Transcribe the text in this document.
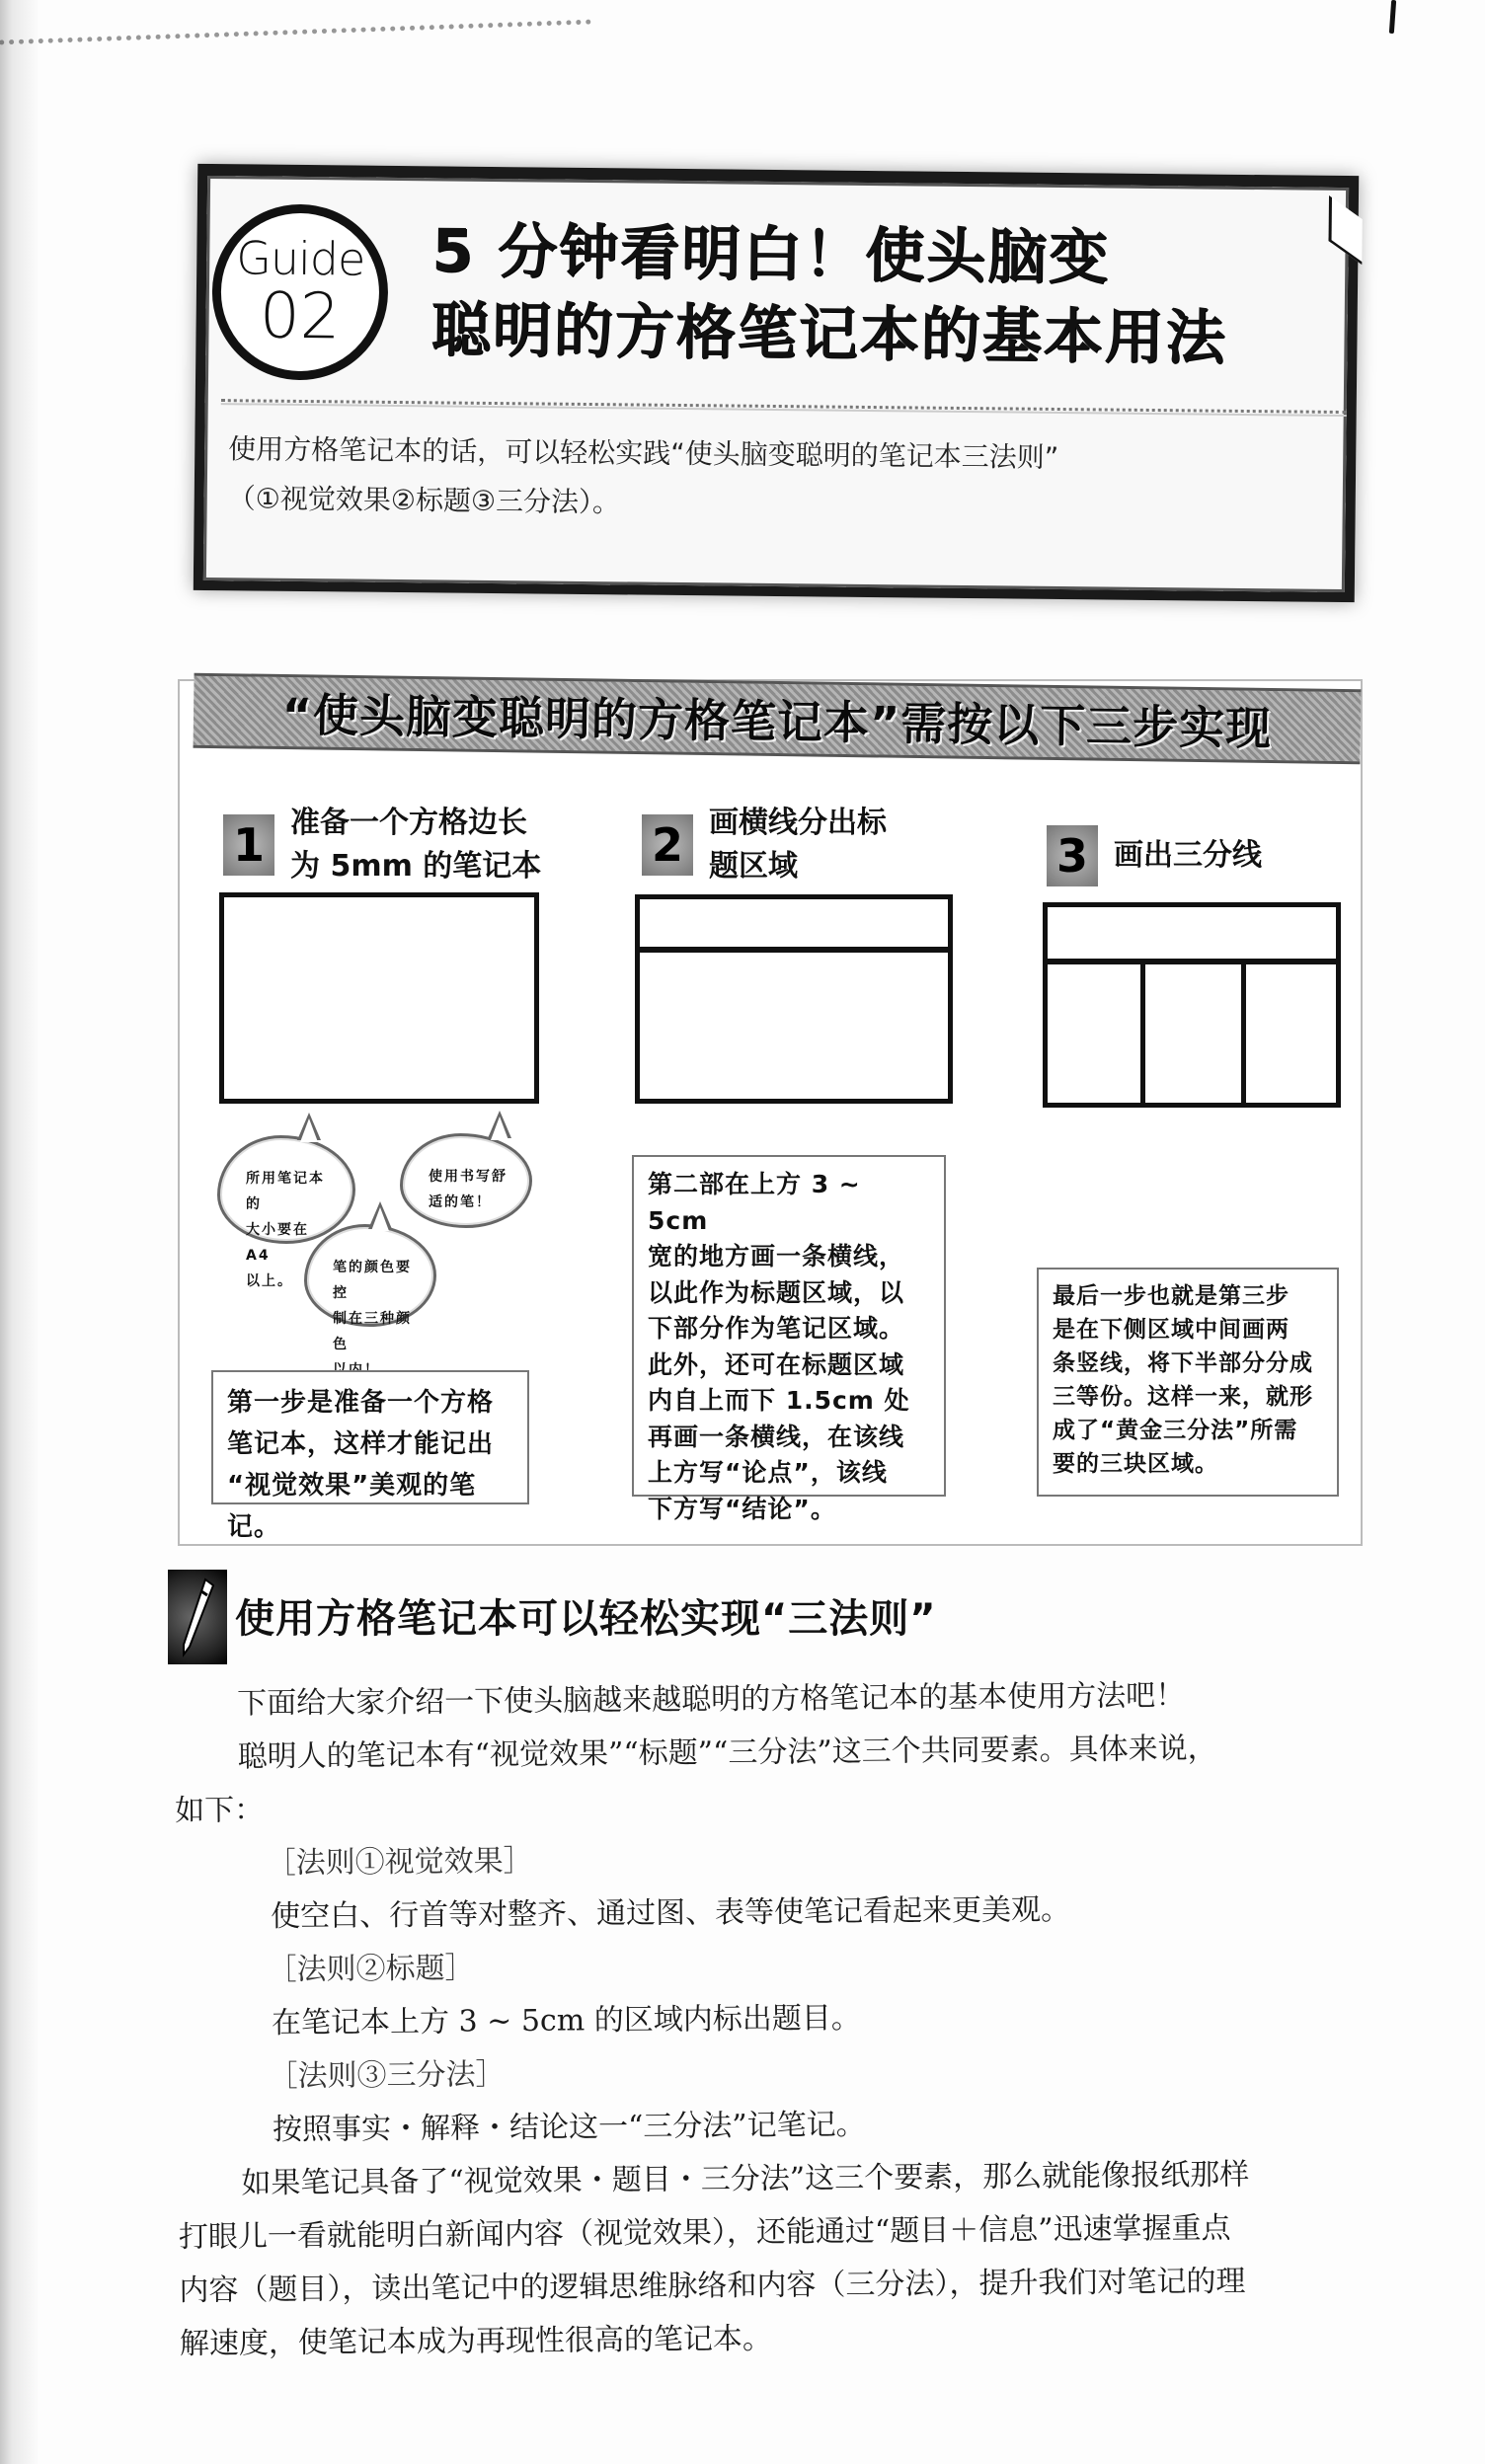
Guide
02
5 分钟看明白！使头脑变
聪明的方格笔记本的基本用法
使用方格笔记本的话，可以轻松实践“使头脑变聪明的笔记本三法则”
（①视觉效果②标题③三分法）。
“使头脑变聪明的方格笔记本”需按以下三步实现
1 准备一个方格边长
为 5mm 的笔记本 2 画横线分出标
题区域	3 画出三分线
所用笔记本的
大小要在 A4
以上。
使用书写舒
适的笔！
笔的颜色要控
制在三种颜色
第一步是准备一个方格
笔记本，这样才能记出
“视觉效果”美观的笔记。
第二部在上方 3 ~ 5cm
宽的地方画一条横线，
以此作为标题区域，以
下部分作为笔记区域。
此外，还可在标题区域
内自上而下 1.5cm 处
再画一条横线，在该线
上方写“论点”，该线
下方写“结论”。
最后一步也就是第三步
是在下侧区域中间画两
条竖线，将下半部分分成
三等份。这样一来，就形
成了“黄金三分法”所需
要的三块区域。
使用方格笔记本可以轻松实现“三法则”

下面给大家介绍一下使头脑越来越聪明的方格笔记本的基本使用方法吧！

聪明人的笔记本有“视觉效果”“标题”“三分法”这三个共同要素。具体来说，

如下：

［法则①视觉效果］

使空白、行首等对整齐、通过图、表等使笔记看起来更美观。

［法则②标题］

在笔记本上方 3 ~ 5cm 的区域内标出题目。

［法则③三分法］

按照事实・解释・结论这一“三分法”记笔记。

如果笔记具备了“视觉效果・题目・三分法”这三个要素，那么就能像报纸那样

打眼儿一看就能明白新闻内容（视觉效果），还能通过“题目＋信息”迅速掌握重点

内容（题目），读出笔记中的逻辑思维脉络和内容（三分法），提升我们对笔记的理

解速度，使笔记本成为再现性很高的笔记本。
